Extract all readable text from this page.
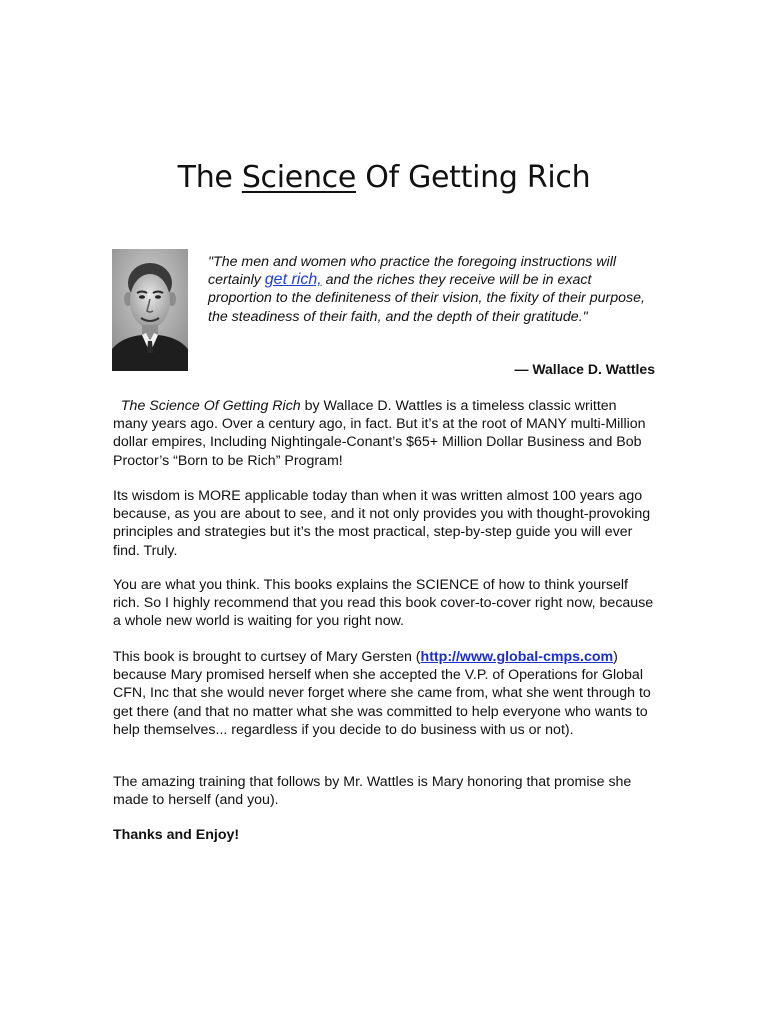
The Science Of Getting Rich
"The men and women who practice the foregoing instructions will certainly get rich, and the riches they receive will be in exact proportion to the definiteness of their vision, the fixity of their purpose, the steadiness of their faith, and the depth of their gratitude."
— Wallace D. Wattles
The Science Of Getting Rich by Wallace D. Wattles is a timeless classic written many years ago. Over a century ago, in fact. But it’s at the root of MANY multi-Million dollar empires, Including Nightingale-Conant’s $65+ Million Dollar Business and Bob Proctor’s “Born to be Rich” Program!
Its wisdom is MORE applicable today than when it was written almost 100 years ago because, as you are about to see, and it not only provides you with thought-provoking principles and strategies but it’s the most practical, step-by-step guide you will ever find. Truly.
You are what you think. This books explains the SCIENCE of how to think yourself rich. So I highly recommend that you read this book cover-to-cover right now, because a whole new world is waiting for you right now.
This book is brought to curtsey of Mary Gersten (http://www.global-cmps.com) because Mary promised herself when she accepted the V.P. of Operations for Global CFN, Inc that she would never forget where she came from, what she went through to get there (and that no matter what she was committed to help everyone who wants to help themselves... regardless if you decide to do business with us or not).
The amazing training that follows by Mr. Wattles is Mary honoring that promise she made to herself (and you).
Thanks and Enjoy!
